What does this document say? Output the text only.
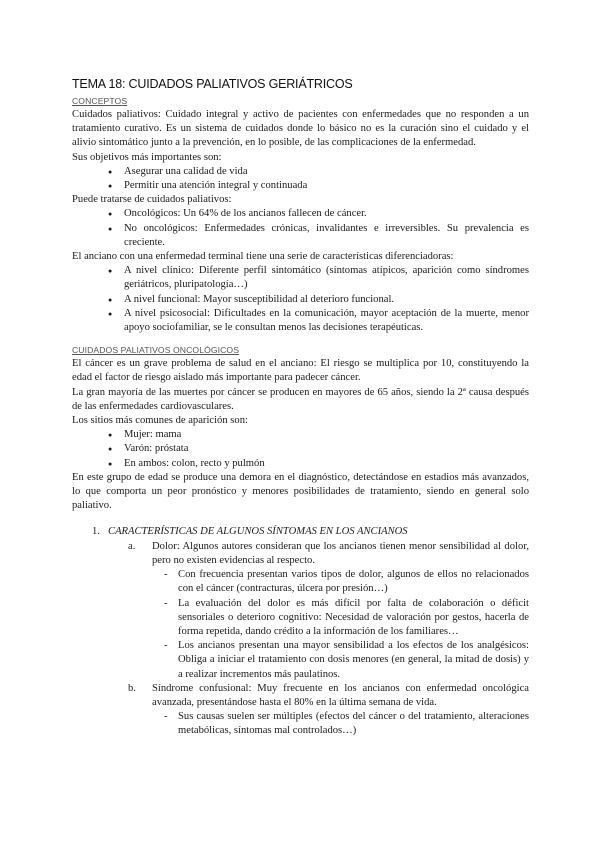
TEMA 18: CUIDADOS PALIATIVOS GERIÁTRICOS
CONCEPTOS

Cuidados paliativos: Cuidado integral y activo de pacientes con enfermedades que no responden a un tratamiento curativo. Es un sistema de cuidados donde lo básico no es la curación sino el cuidado y el alivio sintomático junto a la prevención, en lo posible, de las complicaciones de la enfermedad.

Sus objetivos más importantes son:

● Asegurar una calidad de vida
● Permitir una atención integral y continuada

Puede tratarse de cuidados paliativos:

● Oncológicos: Un 64% de los ancianos fallecen de cáncer.
● No oncológicos: Enfermedades crónicas, invalidantes e irreversibles. Su prevalencia es creciente.

El anciano con una enfermedad terminal tiene una serie de características diferenciadoras:

● A nivel clínico: Diferente perfil sintomático (síntomas atípicos, aparición como síndromes geriátricos, pluripatología…)
● A nivel funcional: Mayor susceptibilidad al deterioro funcional.
● A nivel psicosocial: Dificultades en la comunicación, mayor aceptación de la muerte, menor apoyo sociofamiliar, se le consultan menos las decisiones terapéuticas.
CUIDADOS PALIATIVOS ONCOLÓGICOS

El cáncer es un grave problema de salud en el anciano: El riesgo se multiplica por 10, constituyendo la edad el factor de riesgo aislado más importante para padecer cáncer.

La gran mayoría de las muertes por cáncer se producen en mayores de 65 años, siendo la 2ª causa después de las enfermedades cardiovasculares.

Los sitios más comunes de aparición son:

● Mujer: mama
● Varón: próstata
● En ambos: colon, recto y pulmón

En este grupo de edad se produce una demora en el diagnóstico, detectándose en estadios más avanzados, lo que comporta un peor pronóstico y menores posibilidades de tratamiento, siendo en general solo paliativo.

1. CARACTERÍSTICAS DE ALGUNOS SÍNTOMAS EN LOS ANCIANOS
a. Dolor: Algunos autores consideran que los ancianos tienen menor sensibilidad al dolor, pero no existen evidencias al respecto.
- Con frecuencia presentan varios tipos de dolor, algunos de ellos no relacionados con el cáncer (contracturas, úlcera por presión…)
- La evaluación del dolor es más difícil por falta de colaboración o déficit sensoriales o deterioro cognitivo: Necesidad de valoración por gestos, hacerla de forma repetida, dando crédito a la información de los familiares…
- Los ancianos presentan una mayor sensibilidad a los efectos de los analgésicos: Obliga a iniciar el tratamiento con dosis menores (en general, la mitad de dosis) y a realizar incrementos más paulatinos.
b. Síndrome confusional: Muy frecuente en los ancianos con enfermedad oncológica avanzada, presentándose hasta el 80% en la última semana de vida.
- Sus causas suelen ser múltiples (efectos del cáncer o del tratamiento, alteraciones metabólicas, síntomas mal controlados…)
